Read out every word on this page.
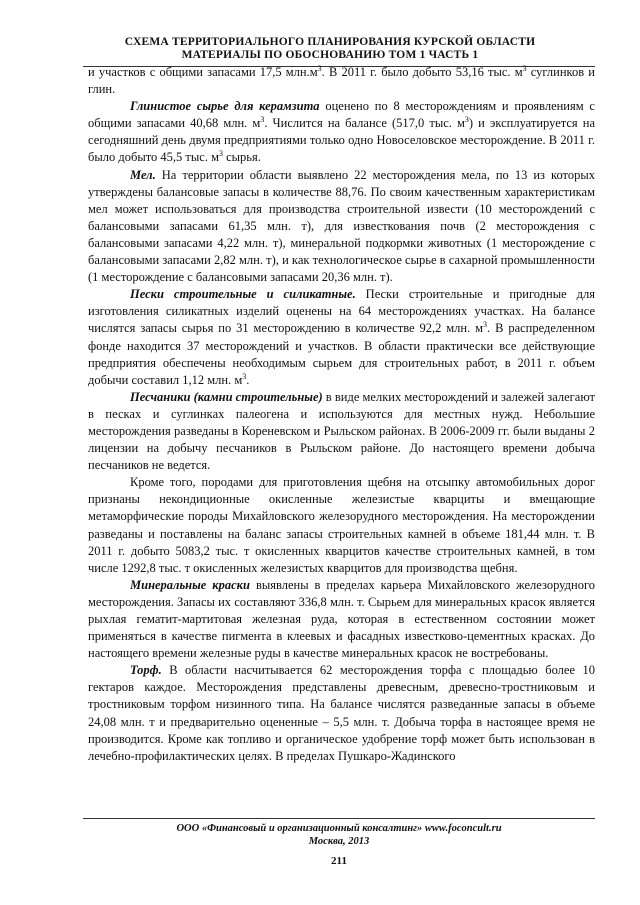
СХЕМА ТЕРРИТОРИАЛЬНОГО ПЛАНИРОВАНИЯ КУРСКОЙ ОБЛАСТИ
МАТЕРИАЛЫ ПО ОБОСНОВАНИЮ ТОМ 1 ЧАСТЬ 1

и участков с общими запасами 17,5 $млн.м^3$. В 2011 г. было добыто 53,16 тыс. $м^3$ суглинков и глин.

Глинистое сырье для керамзита оценено по 8 месторождениям и проявлениям с общими запасами 40,68 млн. $м^3$. Числится на балансе (517,0 тыс. $м^3$) и эксплуатируется на сегодняшний день двумя предприятиями только одно Новоселовское месторождение. В 2011 г. было добыто 45,5 тыс. $м^3$ сырья.

Мел. На территории области выявлено 22 месторождения мела, по 13 из которых утверждены балансовые запасы в количестве 88,76. По своим качественным характеристикам мел может использоваться для производства строительной извести (10 месторождений с балансовыми запасами 61,35 млн. т), для известкования почв (2 месторождения с балансовыми запасами 4,22 млн. т), минеральной подкормки животных (1 месторождение с балансовыми запасами 2,82 млн. т), и как технологическое сырье в сахарной промышленности (1 месторождение с балансовыми запасами 20,36 млн. т).

Пески строительные и силикатные. Пески строительные и пригодные для изготовления силикатных изделий оценены на 64 месторождениях участках. На балансе числятся запасы сырья по 31 месторождению в количестве 92,2 млн. $м^3$. В распределенном фонде находится 37 месторождений и участков. В области практически все действующие предприятия обеспечены необходимым сырьем для строительных работ, в 2011 г. объем добычи составил 1,12 млн. $м^3$.

Песчаники (камни строительные) в виде мелких месторождений и залежей залегают в песках и суглинках палеогена и используются для местных нужд. Небольшие месторождения разведаны в Кореневском и Рыльском районах. В 2006-2009 гг. были выданы 2 лицензии на добычу песчаников в Рыльском районе. До настоящего времени добыча песчаников не ведется.

Кроме того, породами для приготовления щебня на отсыпку автомобильных дорог признаны некондиционные окисленные железистые кварциты и вмещающие метаморфические породы Михайловского железорудного месторождения. На месторождении разведаны и поставлены на баланс запасы строительных камней в объеме 181,44 млн. т. В 2011 г. добыто 5083,2 тыс. т окисленных кварцитов качестве строительных камней, в том числе 1292,8 тыс. т окисленных железистых кварцитов для производства щебня.

Минеральные краски выявлены в пределах карьера Михайловского железорудного месторождения. Запасы их составляют 336,8 млн. т. Сырьем для минеральных красок является рыхлая гематит-мартитовая железная руда, которая в естественном состоянии может применяться в качестве пигмента в клеевых и фасадных известково-цементных красках. До настоящего времени железные руды в качестве минеральных красок не востребованы.

Торф. В области насчитывается 62 месторождения торфа с площадью более 10 гектаров каждое. Месторождения представлены древесным, древесно-тростниковым и тростниковым торфом низинного типа. На балансе числятся разведанные запасы в объеме 24,08 млн. т и предварительно оцененные – 5,5 млн. т. Добыча торфа в настоящее время не производится. Кроме как топливо и органическое удобрение торф может быть использован в лечебно-профилактических целях. В пределах Пушкаро-Жадинского

ООО «Финансовый и организационный консалтинг» www.foconcult.ru
Москва, 2013
211
